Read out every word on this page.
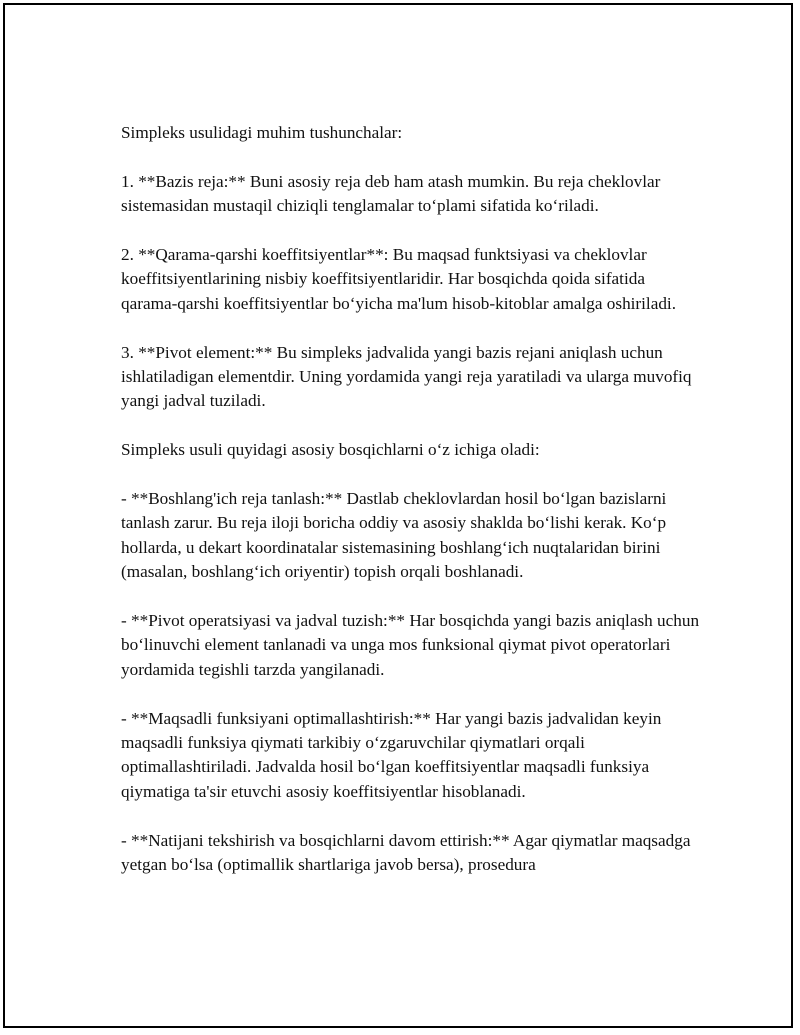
Simpleks usulidagi muhim tushunchalar:

1. **Bazis reja:** Buni asosiy reja deb ham atash mumkin. Bu reja cheklovlar sistemasidan mustaqil chiziqli tenglamalar to‘plami sifatida ko‘riladi.

2. **Qarama-qarshi koeffitsiyentlar**: Bu maqsad funktsiyasi va cheklovlar koeffitsiyentlarining nisbiy koeffitsiyentlaridir. Har bosqichda qoida sifatida qarama-qarshi koeffitsiyentlar bo‘yicha ma'lum hisob-kitoblar amalga oshiriladi.

3. **Pivot element:** Bu simpleks jadvalida yangi bazis rejani aniqlash uchun ishlatiladigan elementdir. Uning yordamida yangi reja yaratiladi va ularga muvofiq yangi jadval tuziladi.

Simpleks usuli quyidagi asosiy bosqichlarni o‘z ichiga oladi:

- **Boshlang'ich reja tanlash:** Dastlab cheklovlardan hosil bo‘lgan bazislarni tanlash zarur. Bu reja iloji boricha oddiy va asosiy shaklda bo‘lishi kerak. Ko‘p hollarda, u dekart koordinatalar sistemasining boshlang‘ich nuqtalaridan birini (masalan, boshlang‘ich oriyentir) topish orqali boshlanadi.

- **Pivot operatsiyasi va jadval tuzish:** Har bosqichda yangi bazis aniqlash uchun bo‘linuvchi element tanlanadi va unga mos funksional qiymat pivot operatorlari yordamida tegishli tarzda yangilanadi.

- **Maqsadli funksiyani optimallashtirish:** Har yangi bazis jadvalidan keyin maqsadli funksiya qiymati tarkibiy o‘zgaruvchilar qiymatlari orqali optimallashtiriladi. Jadvalda hosil bo‘lgan koeffitsiyentlar maqsadli funksiya qiymatiga ta'sir etuvchi asosiy koeffitsiyentlar hisoblanadi.

- **Natijani tekshirish va bosqichlarni davom ettirish:** Agar qiymatlar maqsadga yetgan bo‘lsa (optimallik shartlariga javob bersa), prosedura
